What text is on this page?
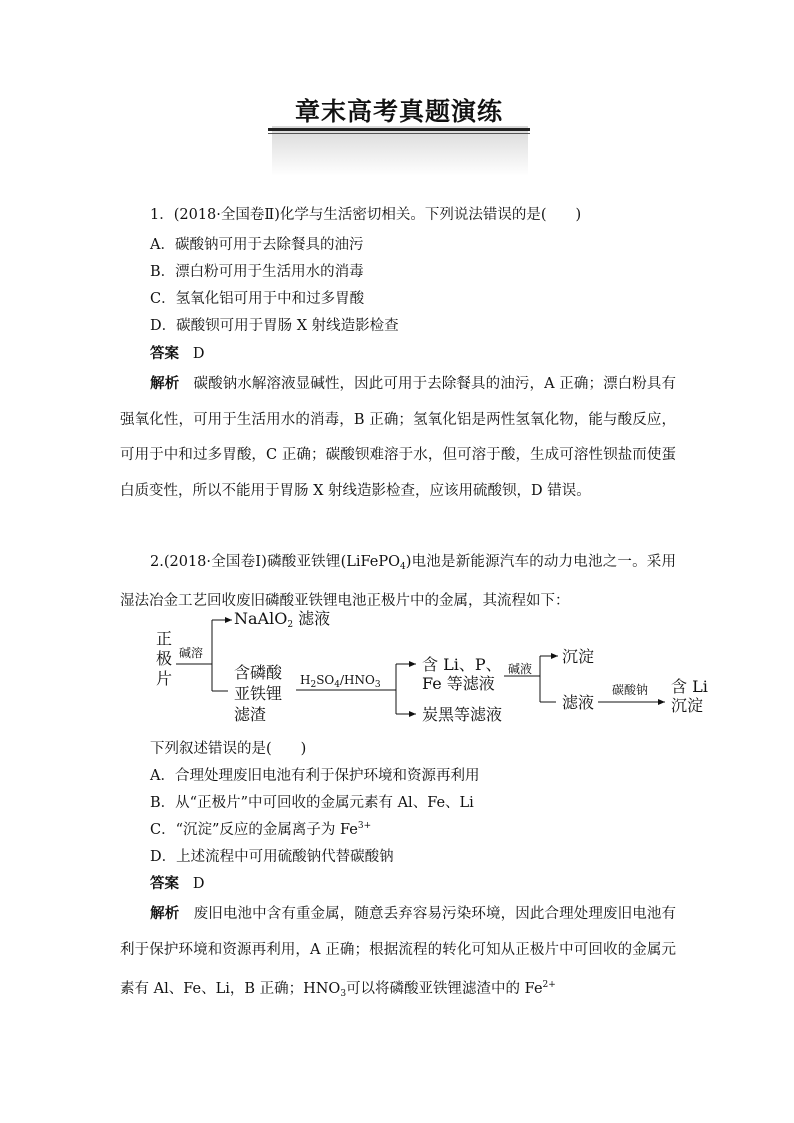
章末高考真题演练
1．(2018·全国卷Ⅱ)化学与生活密切相关。下列说法错误的是(　　)
A．碳酸钠可用于去除餐具的油污
B．漂白粉可用于生活用水的消毒
C．氢氧化铝可用于中和过多胃酸
D．碳酸钡可用于胃肠 X 射线造影检查
答案 D
解析 碳酸钠水解溶液显碱性，因此可用于去除餐具的油污，A 正确；漂白粉具有强氧化性，可用于生活用水的消毒，B 正确；氢氧化铝是两性氢氧化物，能与酸反应，可用于中和过多胃酸，C 正确；碳酸钡难溶于水，但可溶于酸，生成可溶性钡盐而使蛋白质变性，所以不能用于胃肠 X 射线造影检查，应该用硫酸钡，D 错误。
2.(2018·全国卷Ⅰ)磷酸亚铁锂(LiFePO$_4$)电池是新能源汽车的动力电池之一。采用湿法冶金工艺回收废旧磷酸亚铁锂电池正极片中的金属，其流程如下：
正
极
片
碱溶
NaAlO$_2$ 滤液
含磷酸
亚铁锂
滤渣
$H_2SO_4/HNO_3$
含 Li、P、
Fe 等滤液
炭黑等滤液
碱液
沉淀
滤液
碳酸钠 含 Li
沉淀
下列叙述错误的是(　　)
A．合理处理废旧电池有利于保护环境和资源再利用
B．从“正极片”中可回收的金属元素有 Al、Fe、Li
C．“沉淀”反应的金属离子为 $Fe^{3+}$
D．上述流程中可用硫酸钠代替碳酸钠
答案 D
解析 废旧电池中含有重金属，随意丢弃容易污染环境，因此合理处理废旧电池有利于保护环境和资源再利用，A 正确；根据流程的转化可知从正极片中可回收的金属元素有 Al、Fe、Li，B 正确；$HNO_3$可以将磷酸亚铁锂滤渣中的 $Fe^{2+}$
